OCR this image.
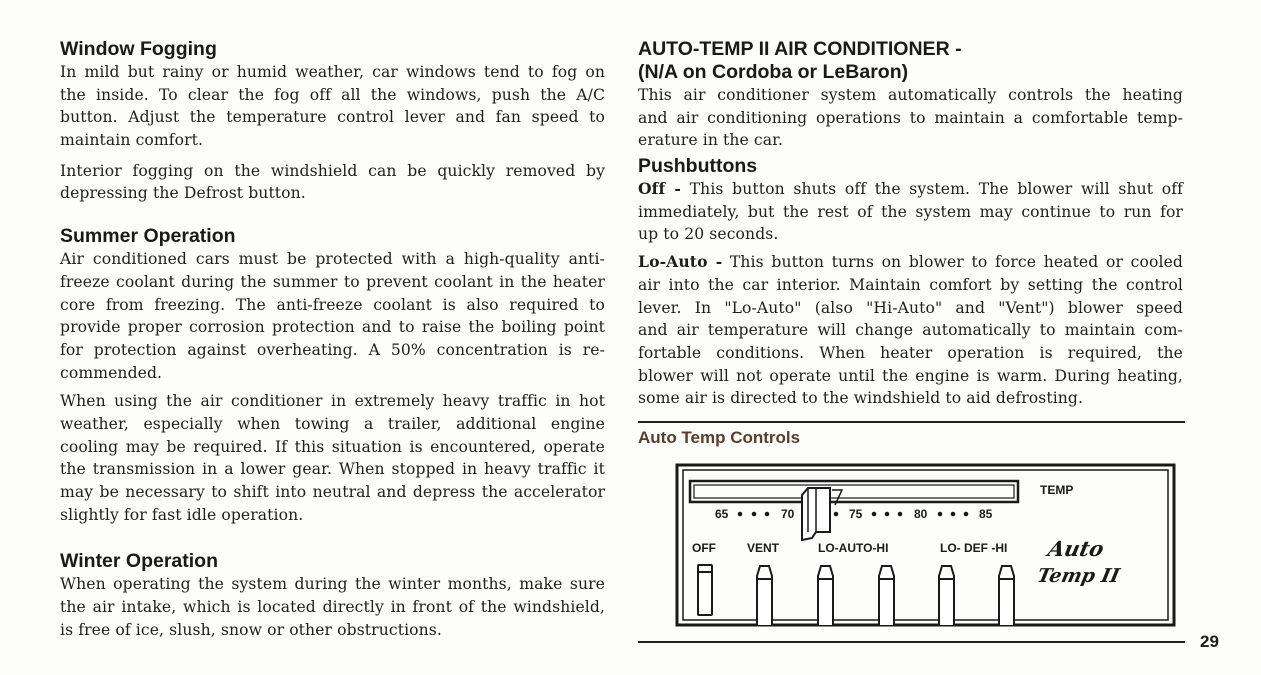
Window Fogging
In mild but rainy or humid weather, car windows tend to fog on
the inside. To clear the fog off all the windows, push the A/C
button. Adjust the temperature control lever and fan speed to
maintain comfort.
Interior fogging on the windshield can be quickly removed by
depressing the Defrost button.
Summer Operation
Air conditioned cars must be protected with a high-quality anti-
freeze coolant during the summer to prevent coolant in the heater
core from freezing. The anti-freeze coolant is also required to
provide proper corrosion protection and to raise the boiling point
for protection against overheating. A 50% concentration is re-
commended.
When using the air conditioner in extremely heavy traffic in hot
weather, especially when towing a trailer, additional engine
cooling may be required. If this situation is encountered, operate
the transmission in a lower gear. When stopped in heavy traffic it
may be necessary to shift into neutral and depress the accelerator
slightly for fast idle operation.
Winter Operation
When operating the system during the winter months, make sure
the air intake, which is located directly in front of the windshield,
is free of ice, slush, snow or other obstructions.
AUTO-TEMP II AIR CONDITIONER -
(N/A on Cordoba or LeBaron)
This air conditioner system automatically controls the heating
and air conditioning operations to maintain a comfortable temp-
erature in the car.
Pushbuttons
Off - This button shuts off the system. The blower will shut off
immediately, but the rest of the system may continue to run for
up to 20 seconds.
Lo-Auto - This button turns on blower to force heated or cooled
air into the car interior. Maintain comfort by setting the control
lever. In "Lo-Auto" (also "Hi-Auto" and "Vent") blower speed
and air temperature will change automatically to maintain com-
fortable conditions. When heater operation is required, the
blower will not operate until the engine is warm. During heating,
some air is directed to the windshield to aid defrosting.
Auto Temp Controls
65	70	75	80	85
TEMP
OFF	VENT	LO-AUTO-HI	LO- DEF -HI Auto
Temp II
29
